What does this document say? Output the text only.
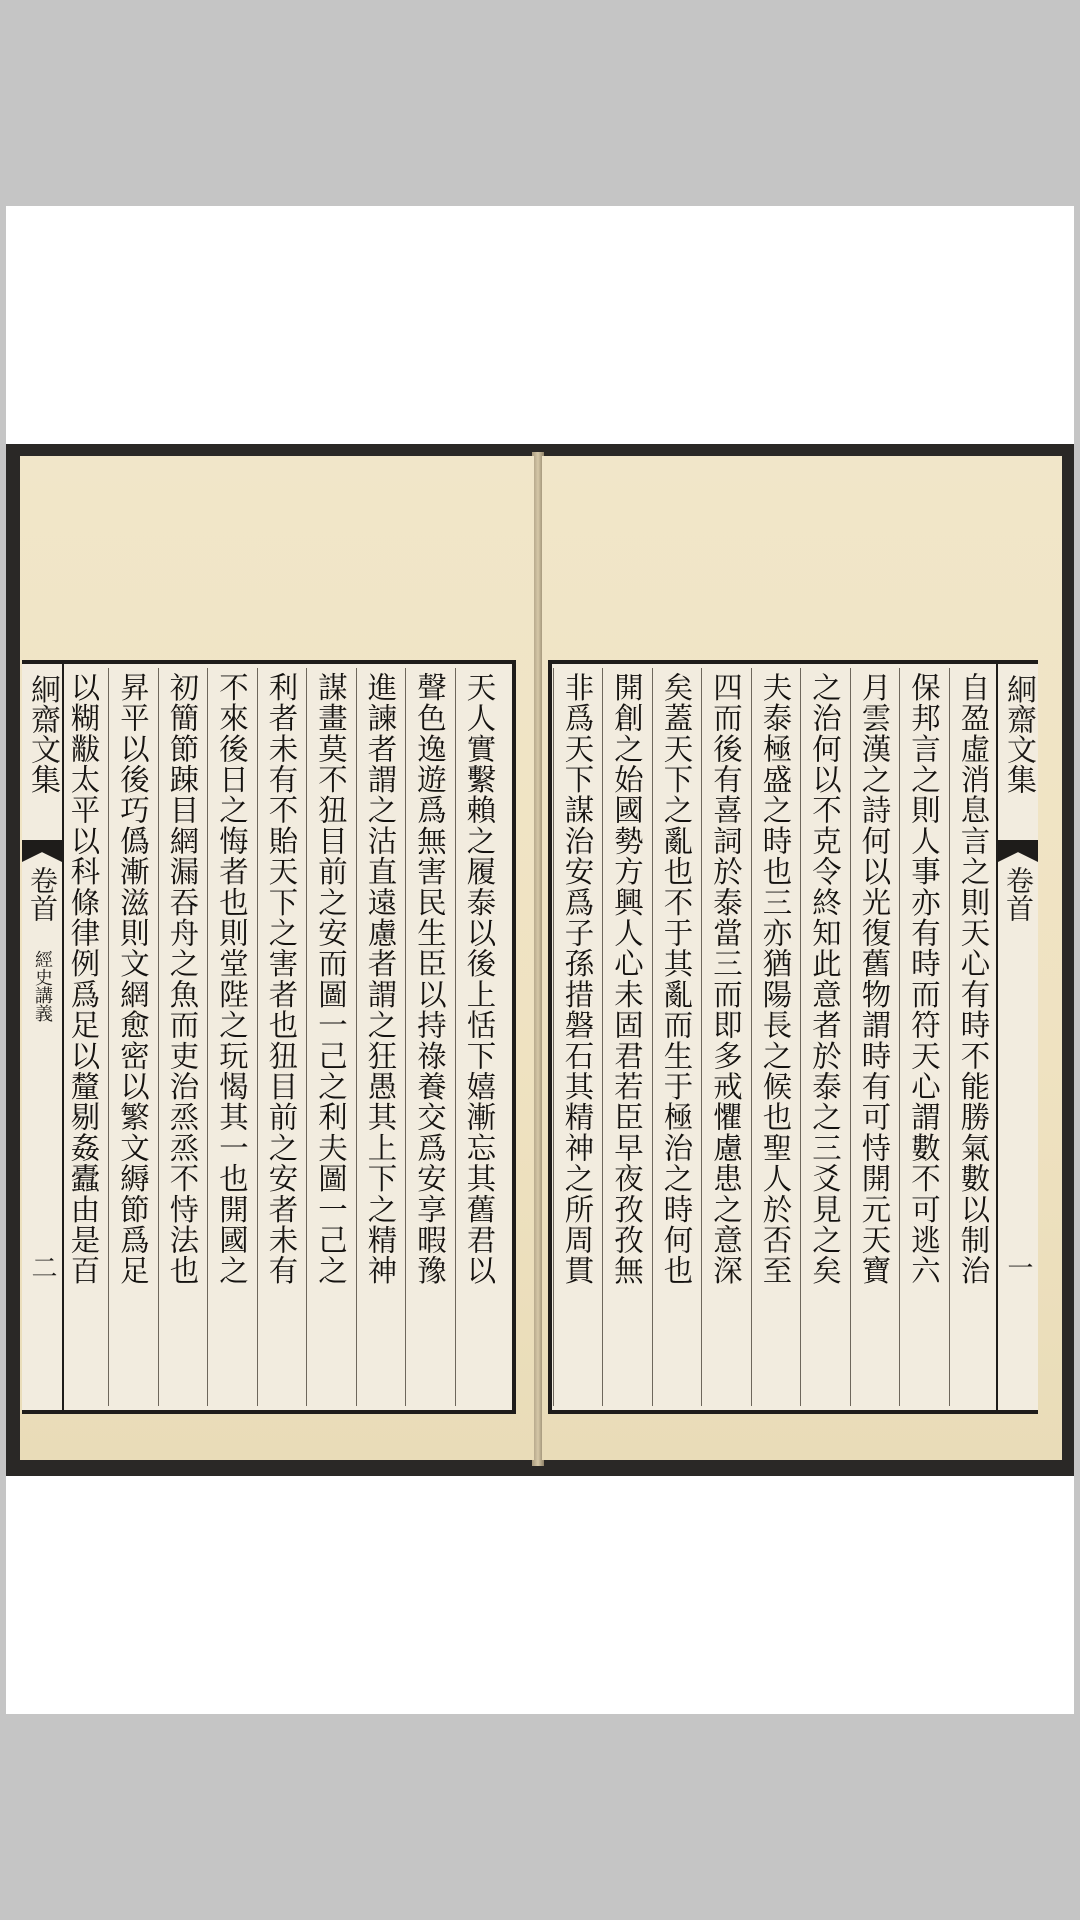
天人實繫賴之履泰以後上恬下嬉漸忘其舊君以
聲色逸遊爲無害民生臣以持祿養交爲安享暇豫
進諫者謂之沽直遠慮者謂之狂愚其上下之精神
謀畫莫不狃目前之安而圖一己之利夫圖一己之
利者未有不貽天下之害者也狃目前之安者未有
不來後日之悔者也則堂陛之玩愒其一也開國之
初簡節踈目網漏吞舟之魚而吏治烝烝不恃法也
昇平以後巧僞漸滋則文網愈密以繁文縟節爲足
以糊黻太平以科條律例爲足以釐剔姦蠹由是百
絅齋文集
卷首
經史講義
二	自盈虛消息言之則天心有時不能勝氣數以制治
保邦言之則人事亦有時而符天心謂數不可逃六
月雲漢之詩何以光復舊物謂時有可恃開元天寶
之治何以不克令終知此意者於泰之三爻見之矣
夫泰極盛之時也三亦猶陽長之候也聖人於否至
四而後有喜詞於泰當三而即多戒懼慮患之意深
矣蓋天下之亂也不于其亂而生于極治之時何也
開創之始國勢方興人心未固君若臣早夜孜孜無
非爲天下謀治安爲子孫措磐石其精神之所周貫	絅齋文集
卷首
一
